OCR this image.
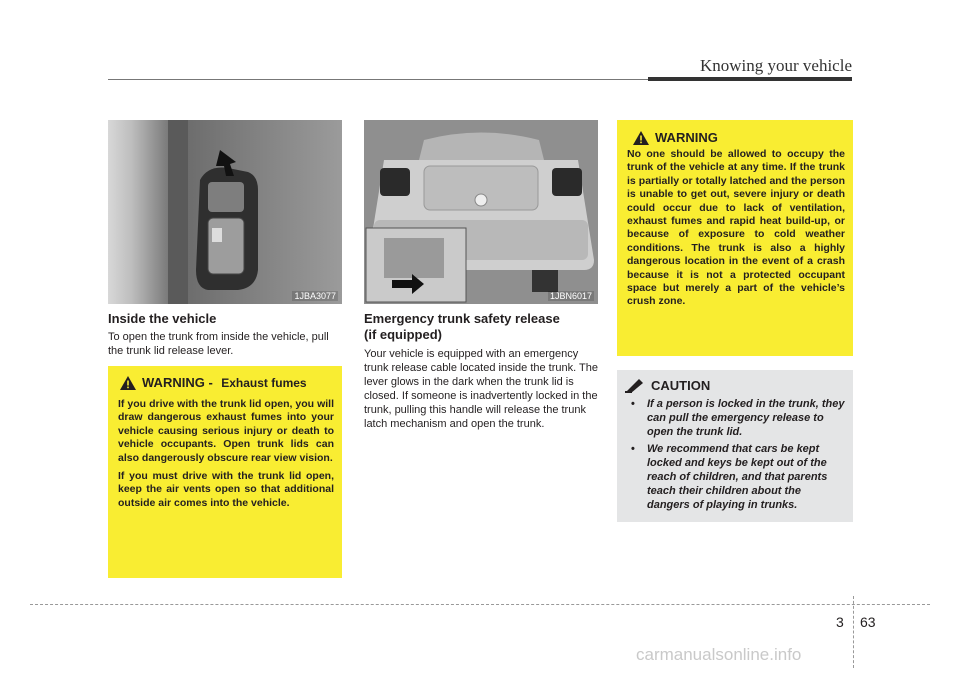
Knowing your vehicle
1JBA3077	1JBN6017
Inside the vehicle
To open the trunk from inside the vehicle, pull the trunk lid release lever.
WARNING - Exhaust fumes
If you drive with the trunk lid open, you will draw dangerous exhaust fumes into your vehicle causing serious injury or death to vehicle occupants. Open trunk lids can also dangerously obscure rear view vision.
If you must drive with the trunk lid open, keep the air vents open so that additional outside air comes into the vehicle.
Emergency trunk safety release
(if equipped)
Your vehicle is equipped with an emergency trunk release cable located inside the trunk. The lever glows in the dark when the trunk lid is closed. If someone is inadvertently locked in the trunk, pulling this handle will release the trunk latch mechanism and open the trunk.
WARNING
No one should be allowed to occupy the trunk of the vehicle at any time. If the trunk is partially or totally latched and the person is unable to get out, severe injury or death could occur due to lack of ventilation, exhaust fumes and rapid heat build-up, or because of exposure to cold weather conditions. The trunk is also a highly dangerous location in the event of a crash because it is not a protected occupant space but merely a part of the vehicle’s crush zone.
CAUTION
• If a person is locked in the trunk, they can pull the emergency release to open the trunk lid.
• We recommend that cars be kept locked and keys be kept out of the reach of children, and that parents teach their children about the dangers of playing in trunks.
3 63
carmanualsonline.info
